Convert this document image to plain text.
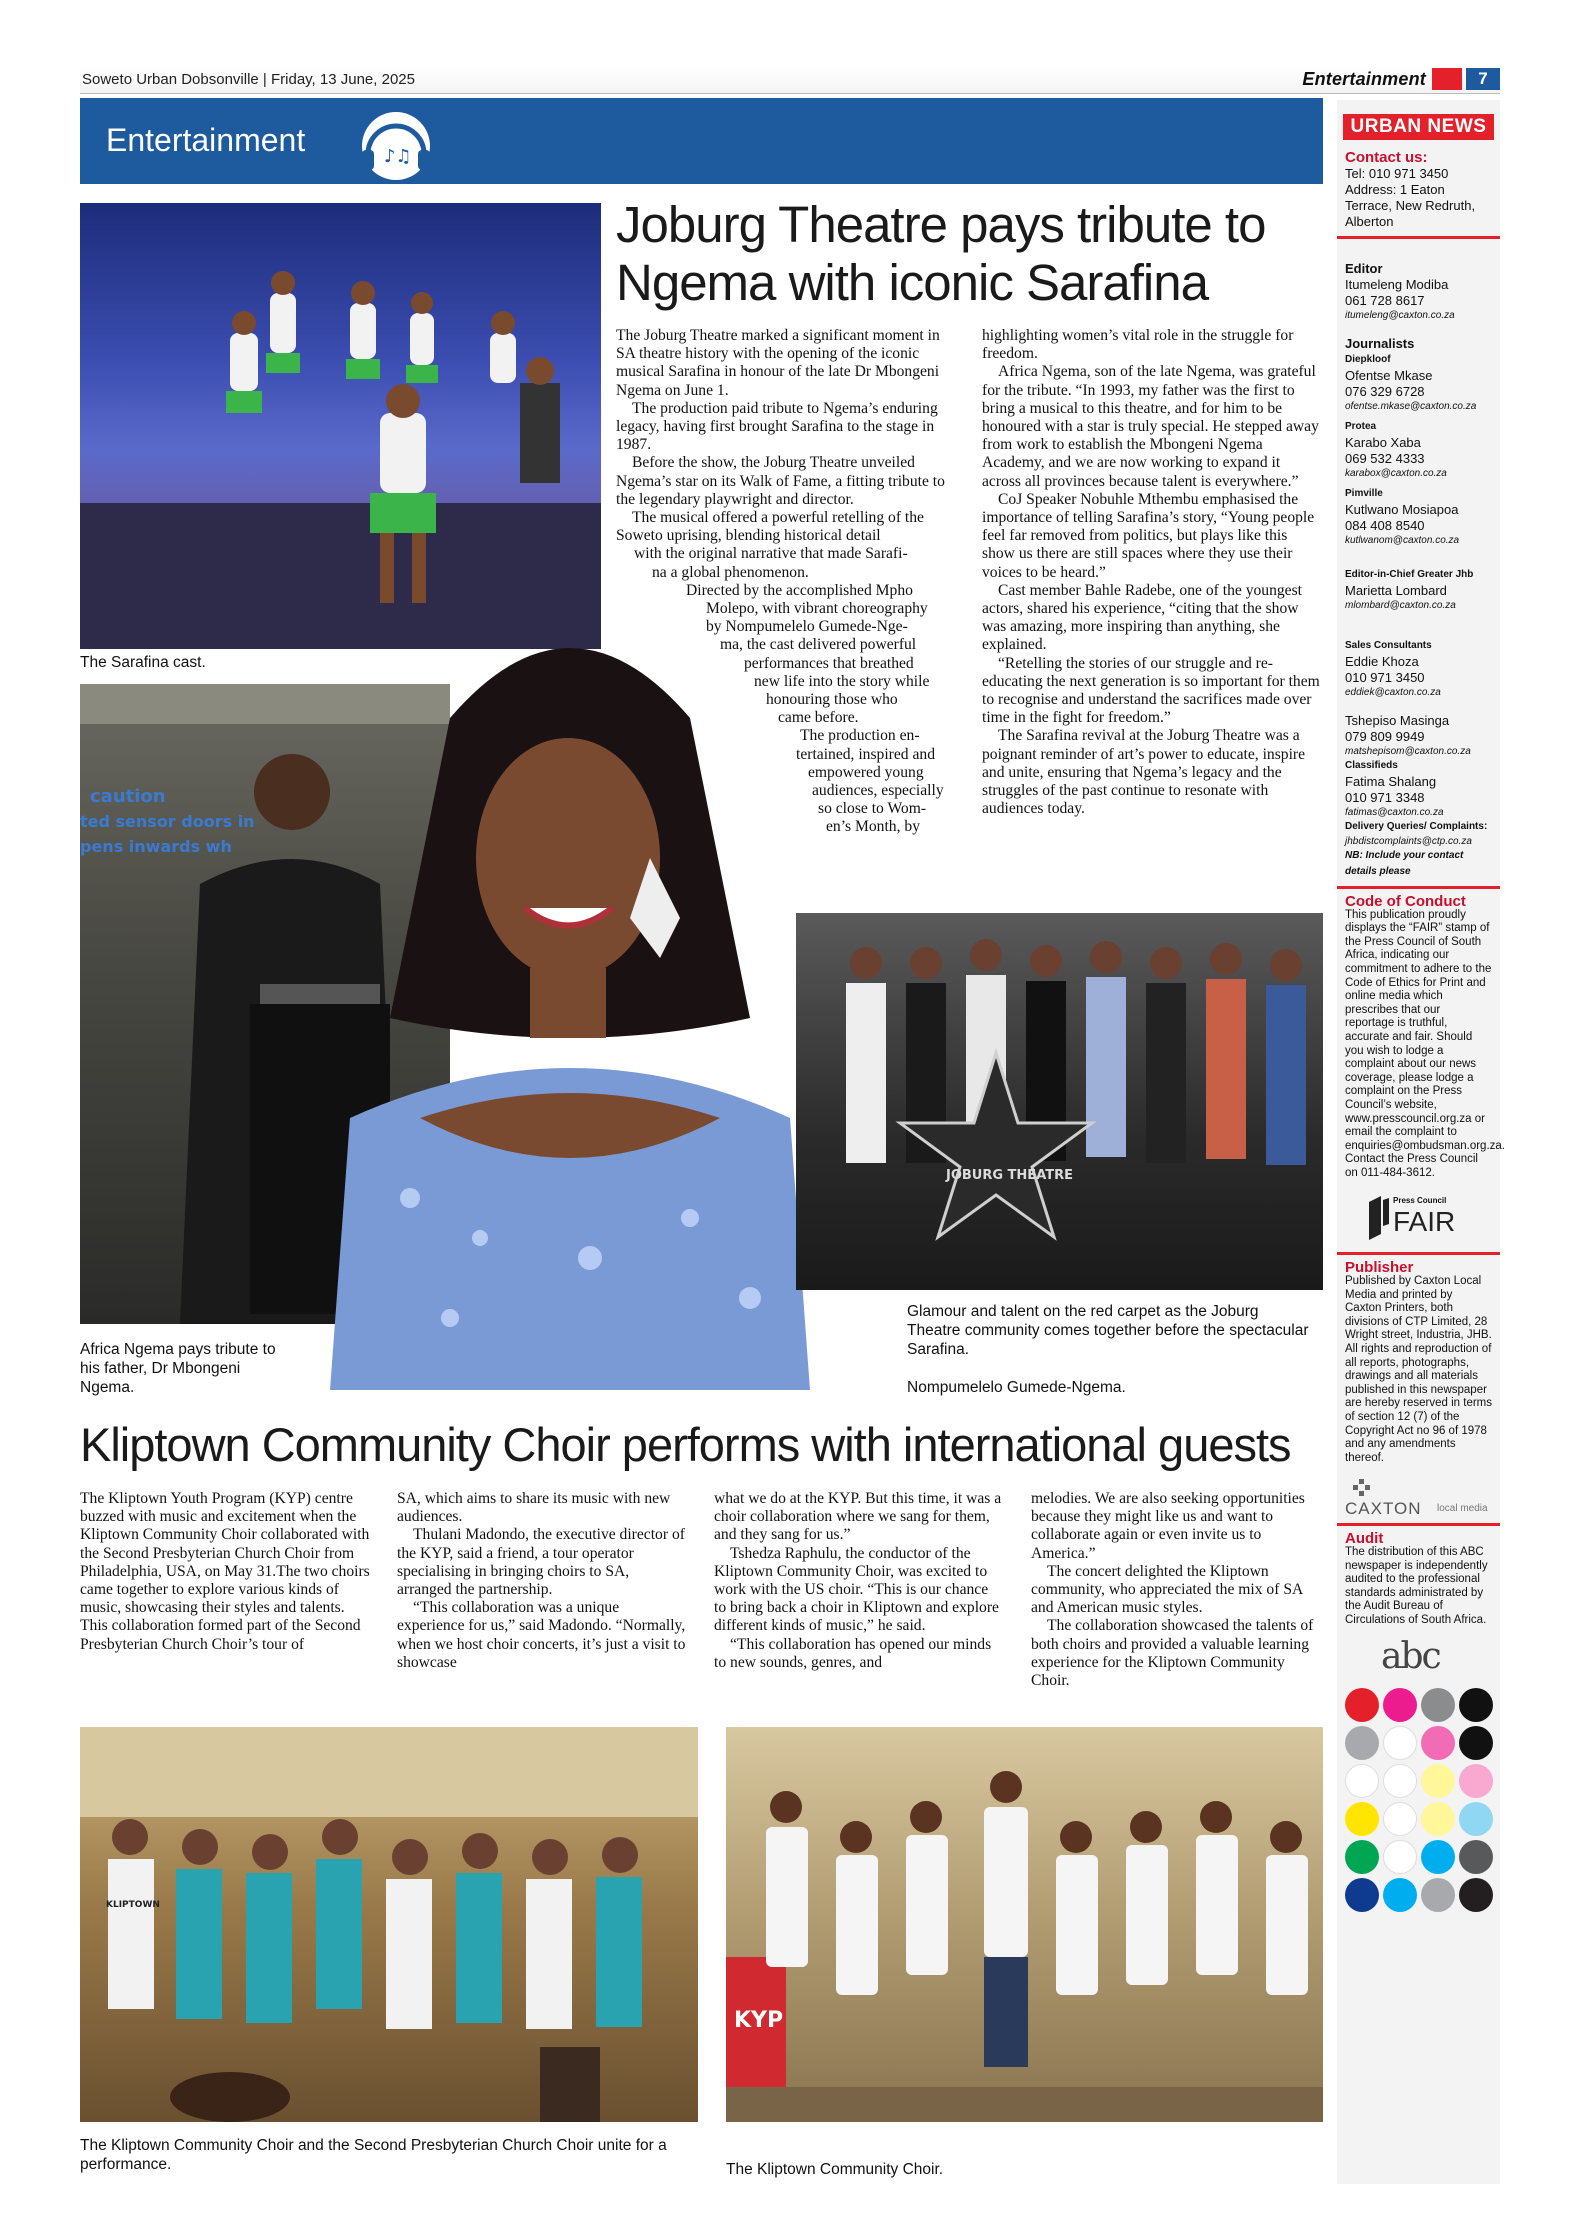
Soweto Urban Dobsonville | Friday, 13 June, 2025	Entertainment	7
Entertainment	♪♫
The Sarafina cast.
Joburg Theatre pays tribute to
Ngema with iconic Sarafina

The Joburg Theatre marked a significant moment in SA theatre history with the opening of the iconic musical Sarafina in honour of the late Dr Mbongeni Ngema on June 1.

The production paid tribute to Ngema’s enduring legacy, having first brought Sarafina to the stage in 1987.

Before the show, the Joburg Theatre unveiled Ngema’s star on its Walk of Fame, a fitting tribute to the legendary playwright and director.

The musical offered a powerful retelling of the Soweto uprising, blending historical detail

with the original narrative that made Sarafi-
na a global phenomenon.
Directed by the accomplished Mpho
Molepo, with vibrant choreography
by Nompumelelo Gumede-Nge-
ma, the cast delivered powerful
performances that breathed
new life into the story while
honouring those who
came before.
The production en-
tertained, inspired and
empowered young
audiences, especially
so close to Wom-
en’s Month, by

highlighting women’s vital role in the struggle for freedom.

Africa Ngema, son of the late Ngema, was grateful for the tribute. “In 1993, my father was the first to bring a musical to this theatre, and for him to be honoured with a star is truly special. He stepped away from work to establish the Mbongeni Ngema Academy, and we are now working to expand it across all provinces because talent is everywhere.”

CoJ Speaker Nobuhle Mthembu emphasised the importance of telling Sarafina’s story, “Young people feel far removed from politics, but plays like this show us there are still spaces where they use their voices to be heard.”

Cast member Bahle Radebe, one of the youngest actors, shared his experience, “citing that the show was amazing, more inspiring than anything, she explained.

“Retelling the stories of our struggle and re-educating the next generation is so important for them to recognise and understand the sacrifices made over time in the fight for freedom.”

The Sarafina revival at the Joburg Theatre was a poignant reminder of art’s power to educate, inspire and unite, ensuring that Ngema’s legacy and the struggles of the past continue to resonate with audiences today.

caution
ted sensor doors in
pens inwards wh
Africa Ngema pays tribute to his father, Dr Mbongeni Ngema.
JOBURG THEATRE
Glamour and talent on the red carpet as the Joburg Theatre community comes together before the spectacular Sarafina.
Nompumelelo Gumede-Ngema.
Kliptown Community Choir performs with international guests

The Kliptown Youth Program (KYP) centre buzzed with music and excitement when the Kliptown Community Choir collaborated with the Second Presbyterian Church Choir from Philadelphia, USA, on May 31.The two choirs came together to explore various kinds of music, showcasing their styles and talents. This collaboration formed part of the Second Presbyterian Church Choir’s tour of

SA, which aims to share its music with new audiences.

Thulani Madondo, the executive director of the KYP, said a friend, a tour operator specialising in bringing choirs to SA, arranged the partnership.

“This collaboration was a unique experience for us,” said Madondo. “Normally, when we host choir concerts, it’s just a visit to showcase

what we do at the KYP. But this time, it was a choir collaboration where we sang for them, and they sang for us.”

Tshedza Raphulu, the conductor of the Kliptown Community Choir, was excited to work with the US choir. “This is our chance to bring back a choir in Kliptown and explore different kinds of music,” he said.

“This collaboration has opened our minds to new sounds, genres, and

melodies. We are also seeking opportunities because they might like us and want to collaborate again or even invite us to America.”

The concert delighted the Kliptown community, who appreciated the mix of SA and American music styles.

The collaboration showcased the talents of both choirs and provided a valuable learning experience for the Kliptown Community Choir.

KLIPTOWN
The Kliptown Community Choir and the Second Presbyterian Church Choir unite for a performance.
KYP
The Kliptown Community Choir.
URBAN NEWS
Contact us:
Tel: 010 971 3450
Address: 1 Eaton Terrace, New Redruth, Alberton
Editor
Itumeleng Modiba
061 728 8617
itumeleng@caxton.co.za
Journalists
Diepkloof
Ofentse Mkase
076 329 6728
ofentse.mkase@caxton.co.za
Protea
Karabo Xaba
069 532 4333
karabox@caxton.co.za
Pimville
Kutlwano Mosiapoa
084 408 8540
kutlwanom@caxton.co.za
Editor-in-Chief Greater Jhb
Marietta Lombard
mlombard@caxton.co.za
Sales Consultants
Eddie Khoza
010 971 3450
eddiek@caxton.co.za
Tshepiso Masinga
079 809 9949
matshepisom@caxton.co.za
Classifieds
Fatima Shalang
010 971 3348
fatimas@caxton.co.za
Delivery Queries/ Complaints:
jhbdistcomplaints@ctp.co.za
NB: Include your contact details please
Code of Conduct
This publication proudly displays the “FAIR” stamp of the Press Council of South Africa, indicating our commitment to adhere to the Code of Ethics for Print and online media which prescribes that our reportage is truthful, accurate and fair. Should you wish to lodge a complaint about our news coverage, please lodge a complaint on the Press Council’s website, www.presscouncil.org.za or email the complaint to enquiries@ombudsman.org.za. Contact the Press Council on 011-484-3612.
Press Council
FAIR
Publisher
Published by Caxton Local Media and printed by Caxton Printers, both divisions of CTP Limited, 28 Wright street, Industria, JHB. All rights and reproduction of all reports, photographs, drawings and all materials published in this newspaper are hereby reserved in terms of section 12 (7) of the Copyright Act no 96 of 1978 and any amendments thereof.
CAXTON local media
Audit
The distribution of this ABC newspaper is independently audited to the professional standards administrated by the Audit Bureau of Circulations of South Africa.
abc
